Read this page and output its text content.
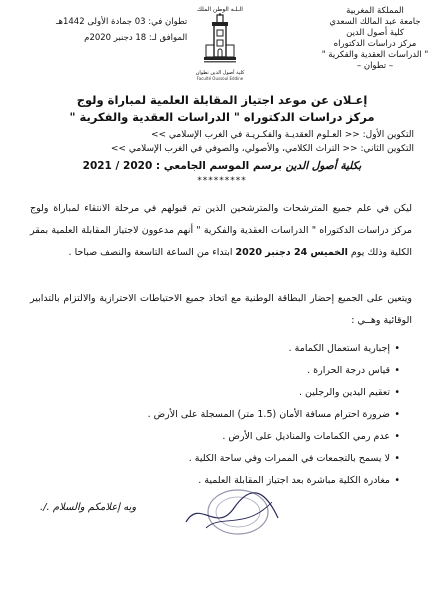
المملكة المغربية
جامعة عبد المالك السعدي
كلية أصول الدين
مركز دراسات الدكتوراه
" الدراسات العقدية والفكرية "
– تطوان –
الـلـه الوطن الملك
كلية أصول الدين تطوان
Faculté Oussoul Eddine
تطوان في: 03 جمادة الأولى 1442هـ
الموافق لـ: 18 دجنبر 2020م
إعـلان عن موعد اجتياز المقابلة العلمية لمباراة ولوج
مركز دراسات الدكتوراه " الدراسات العقدية والفكرية "
التكوين الأول: << العـلوم العقديـة والفكـريـة في الغرب الإسلامي >>
التكوين الثاني: << التراث الكلامي، والأصولي، والصوفي في الغرب الإسلامي >>
بكلية أصول الدين برسم الموسم الجامعي : 2020 / 2021
*********
ليكن في علم جميع المترشحات والمترشحين الذين تم قبولهم في مرحلة الانتقاء لمباراة ولوج مركز دراسات الدكتوراه " الدراسات العقدية والفكرية " أنهم مدعوون لاجتياز المقابلة العلمية بمقر الكلية وذلك يوم الخميس 24 دجنبر 2020 ابتداء من الساعة التاسعة والنصف صباحا .
ويتعين على الجميع إحضار البطاقة الوطنية مع اتخاذ جميع الاحتياطات الاحترازية والالتزام بالتدابير الوقائية وهــي :
•
إجبارية استعمال الكمامة .
•
قياس درجة الحرارة .
•
تعقيم اليدين والرجلين .
•
ضرورة احترام مسافة الأمان (1.5 متر) المسجلة على الأرض .
•
عدم رمي الكمامات والمناديل على الأرض .
•
لا يسمح بالتجمعات في الممرات وفي ساحة الكلية .
•
مغادرة الكلية مباشرة بعد اجتياز المقابلة العلمية .
وبه إعلامكم والسلام ./.
